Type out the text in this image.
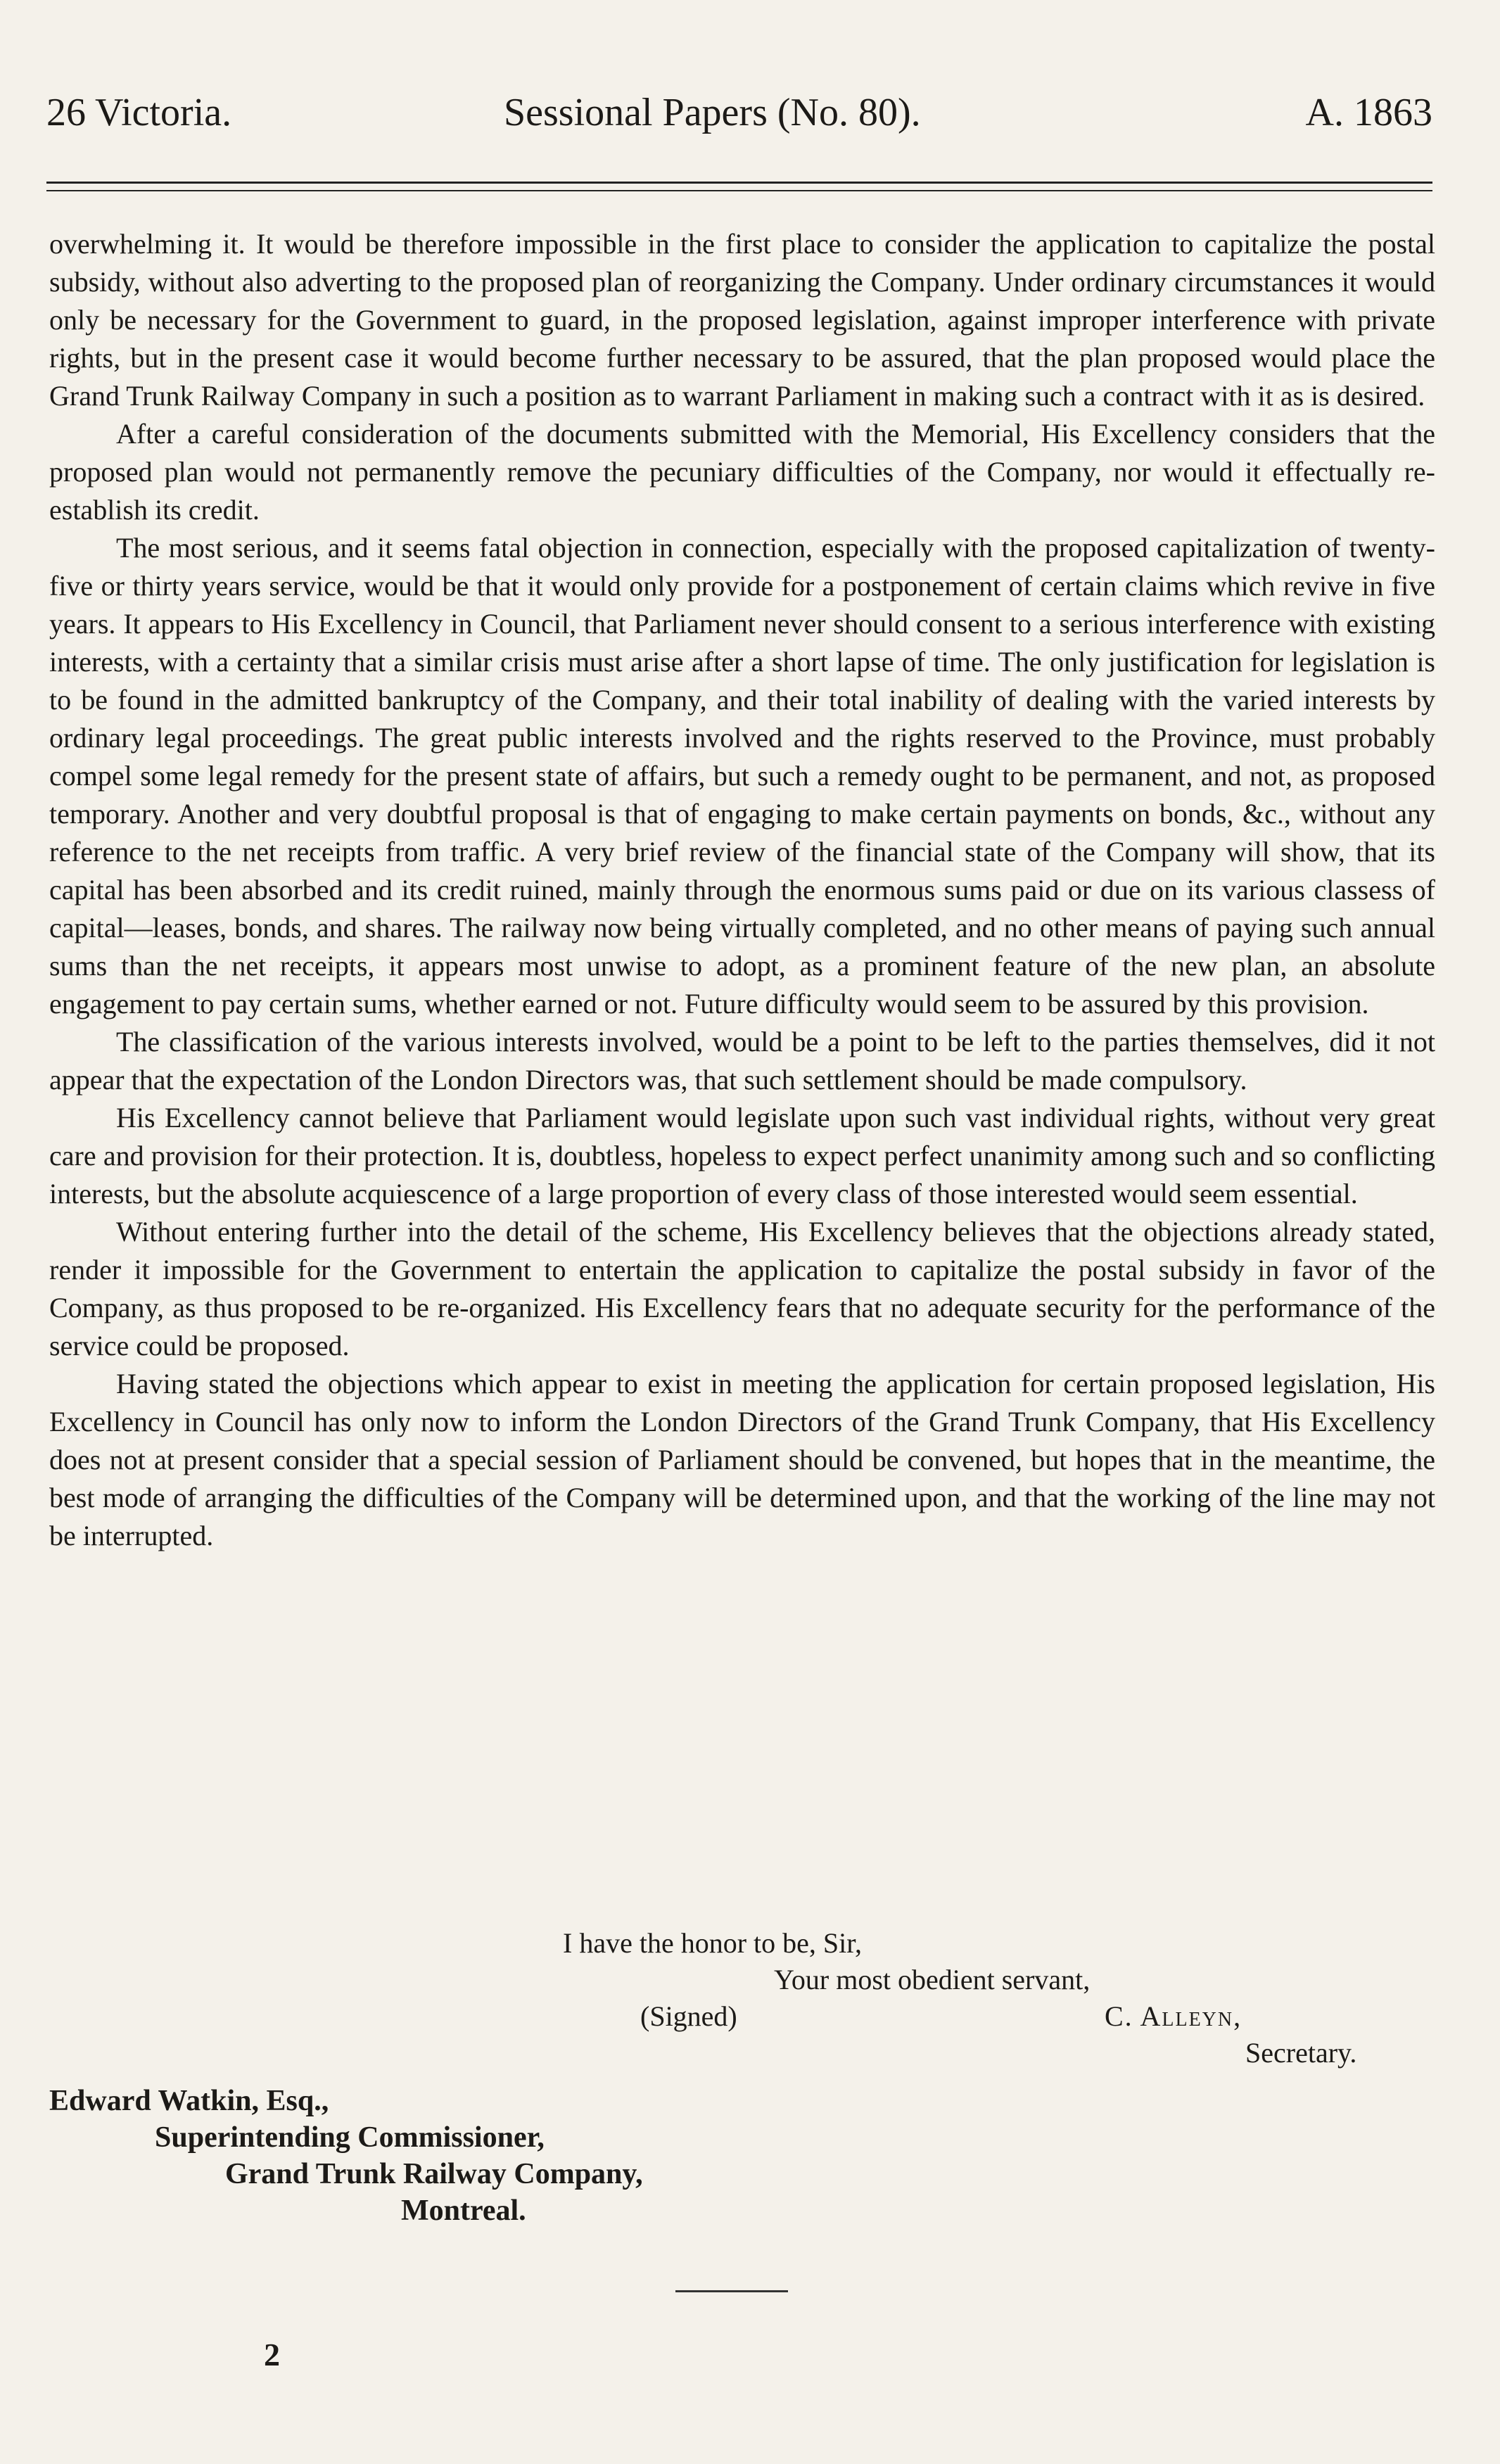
26 Victoria.	Sessional Papers (No. 80).	A. 1863

overwhelming it. It would be therefore impossible in the first place to consider the application to capitalize the postal subsidy, without also adverting to the proposed plan of reorganizing the Company. Under ordinary circumstances it would only be necessary for the Government to guard, in the proposed legislation, against improper interference with private rights, but in the present case it would become further necessary to be assured, that the plan proposed would place the Grand Trunk Railway Company in such a position as to warrant Parliament in making such a contract with it as is desired.

After a careful consideration of the documents submitted with the Memorial, His Excellency considers that the proposed plan would not permanently remove the pecuniary difficulties of the Company, nor would it effectually re-establish its credit.

The most serious, and it seems fatal objection in connection, especially with the proposed capitalization of twenty-five or thirty years service, would be that it would only provide for a postponement of certain claims which revive in five years. It appears to His Excellency in Council, that Parliament never should consent to a serious interference with existing interests, with a certainty that a similar crisis must arise after a short lapse of time. The only justification for legislation is to be found in the admitted bankruptcy of the Company, and their total inability of dealing with the varied interests by ordinary legal proceedings. The great public interests involved and the rights reserved to the Province, must probably compel some legal remedy for the present state of affairs, but such a remedy ought to be permanent, and not, as proposed temporary. Another and very doubtful proposal is that of engaging to make certain payments on bonds, &c., without any reference to the net receipts from traffic. A very brief review of the financial state of the Company will show, that its capital has been absorbed and its credit ruined, mainly through the enormous sums paid or due on its various classess of capital—leases, bonds, and shares. The railway now being virtually completed, and no other means of paying such annual sums than the net receipts, it appears most unwise to adopt, as a prominent feature of the new plan, an absolute engagement to pay certain sums, whether earned or not. Future difficulty would seem to be assured by this provision.

The classification of the various interests involved, would be a point to be left to the parties themselves, did it not appear that the expectation of the London Directors was, that such settlement should be made compulsory.

His Excellency cannot believe that Parliament would legislate upon such vast individual rights, without very great care and provision for their protection. It is, doubtless, hopeless to expect perfect unanimity among such and so conflicting interests, but the absolute acquiescence of a large proportion of every class of those interested would seem essential.

Without entering further into the detail of the scheme, His Excellency believes that the objections already stated, render it impossible for the Government to entertain the application to capitalize the postal subsidy in favor of the Company, as thus proposed to be re-organized. His Excellency fears that no adequate security for the performance of the service could be proposed.

Having stated the objections which appear to exist in meeting the application for certain proposed legislation, His Excellency in Council has only now to inform the London Directors of the Grand Trunk Company, that His Excellency does not at present consider that a special session of Parliament should be convened, but hopes that in the meantime, the best mode of arranging the difficulties of the Company will be determined upon, and that the working of the line may not be interrupted.

I have the honor to be, Sir,
Your most obedient servant,
(Signed)	C. Alleyn,
Secretary.
Edward Watkin, Esq.,
Superintending Commissioner,
Grand Trunk Railway Company,
Montreal.
2
